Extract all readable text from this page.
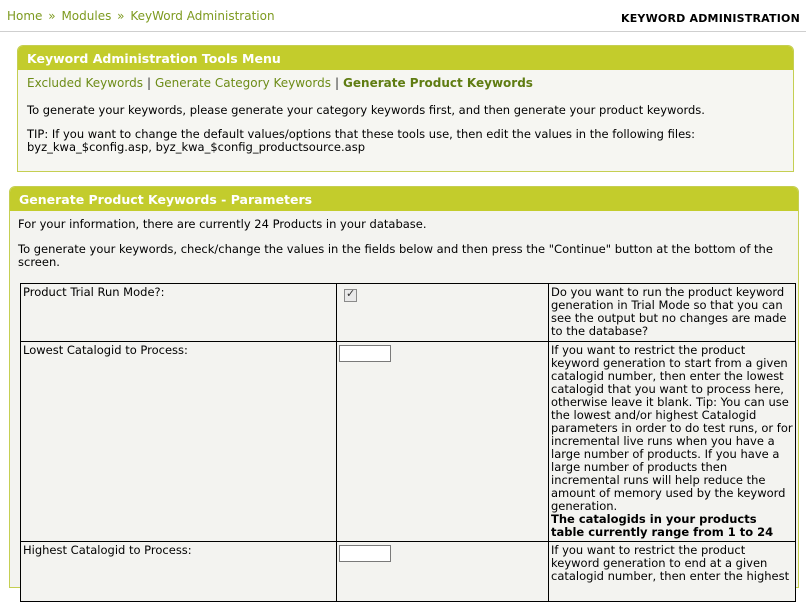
Home » Modules » KeyWord Administration	KEYWORD ADMINISTRATION
Keyword Administration Tools Menu
Excluded Keywords | Generate Category Keywords | Generate Product Keywords
To generate your keywords, please generate your category keywords first, and then generate your product keywords.
TIP: If you want to change the default values/options that these tools use, then edit the values in the following files:
byz_kwa_$config.asp, byz_kwa_$config_productsource.asp
Generate Product Keywords - Parameters
For your information, there are currently 24 Products in your database.
To generate your keywords, check/change the values in the fields below and then press the "Continue" button at the bottom of the screen.
Product Trial Run Mode?:	✓	Do you want to run the product keyword generation in Trial Mode so that you can see the output but no changes are made to the database?
Lowest Catalogid to Process:		If you want to restrict the product keyword generation to start from a given catalogid number, then enter the lowest catalogid that you want to process here, otherwise leave it blank. Tip: You can use the lowest and/or highest Catalogid parameters in order to do test runs, or for incremental live runs when you have a large number of products. If you have a large number of products then incremental runs will help reduce the amount of memory used by the keyword generation.
The catalogids in your products table currently range from 1 to 24

Highest Catalogid to Process:		If you want to restrict the product keyword generation to end at a given catalogid number, then enter the highest
